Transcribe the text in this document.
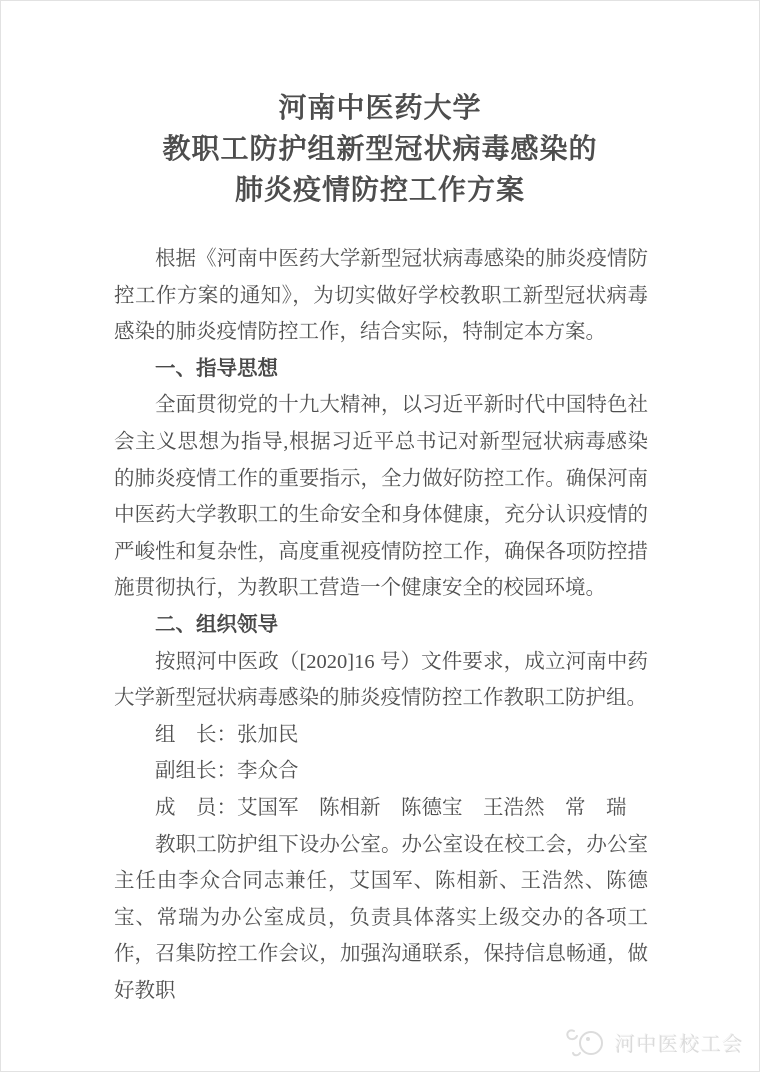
河南中医药大学
教职工防护组新型冠状病毒感染的
肺炎疫情防控工作方案

根据《河南中医药大学新型冠状病毒感染的肺炎疫情防控工作方案的通知》，为切实做好学校教职工新型冠状病毒感染的肺炎疫情防控工作，结合实际，特制定本方案。

一、指导思想

全面贯彻党的十九大精神，以习近平新时代中国特色社会主义思想为指导,根据习近平总书记对新型冠状病毒感染的肺炎疫情工作的重要指示，全力做好防控工作。确保河南中医药大学教职工的生命安全和身体健康，充分认识疫情的严峻性和复杂性，高度重视疫情防控工作，确保各项防控措施贯彻执行，为教职工营造一个健康安全的校园环境。

二、组织领导

按照河中医政（[2020]16 号）文件要求，成立河南中药大学新型冠状病毒感染的肺炎疫情防控工作教职工防护组。

组　长：张加民

副组长：李众合

成　员：艾国军　陈相新　陈德宝　王浩然　常　瑞

教职工防护组下设办公室。办公室设在校工会，办公室主任由李众合同志兼任，艾国军、陈相新、王浩然、陈德宝、常瑞为办公室成员，负责具体落实上级交办的各项工作，召集防控工作会议，加强沟通联系，保持信息畅通，做好教职

河中医校工会
